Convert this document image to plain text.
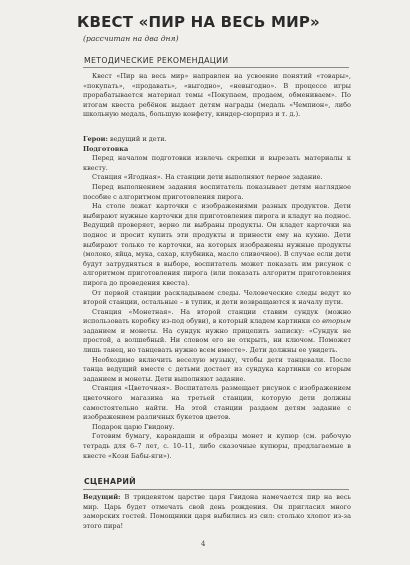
КВЕСТ «ПИР НА ВЕСЬ МИР»
(рассчитан на два дня)
МЕТОДИЧЕСКИЕ РЕКОМЕНДАЦИИ

Квест «Пир на весь мир» направлен на усвоение понятий «товары», «покупать», «продавать», «выгодно», «невыгодно». В процессе игры прорабатывается материал темы «Покупаем, продаем, обмениваем». По итогам квеста ребёнок выдает детям награды (медаль «Чемпион», либо школьную медаль, большую конфету, киндер-сюрприз и т. д.).

Герои: ведущий и дети.

Подготовка

Перед началом подготовки извлечь скрепки и вырезать материалы к квесту.

Станция «Ягодная». На станции дети выполняют первое задание.

Перед выполнением задания воспитатель показывает детям наглядное пособие с алгоритмом приготовления пирога.

На столе лежат карточки с изображениями разных продуктов. Дети выбирают нужные карточки для приготовления пирога и кладут на поднос. Ведущий проверяет, верно ли выбраны продукты. Он кладет карточки на поднос и просит купить эти продукты и принести ему на кухню. Дети выбирают только те карточки, на которых изображены нужные продукты (молоко, яйца, мука, сахар, клубника, масло сливочное). В случае если дети будут затрудняться в выборе, воспитатель может показать им рисунок с алгоритмом приготовления пирога (или показать алгоритм приготовления пирога до проведения квеста).

От первой станции раскладываем следы. Человеческие следы ведут ко второй станции, остальные – в тупик, и дети возвращаются к началу пути.

Станция «Монетная». На второй станции ставим сундук (можно использовать коробку из-под обуви), в который кладем картинки со вторым заданием и монеты. На сундук нужно прицепить записку: «Сундук не простой, а волшебный. Ни словом его не открыть, ни ключом. Поможет лишь танец, но танцевать нужно всем вместе». Дети должны ее увидеть.

Необходимо включить веселую музыку, чтобы дети танцевали. После танца ведущий вместе с детьми достает из сундука картинки со вторым заданием и монеты. Дети выполняют задание.

Станция «Цветочная». Воспитатель размещает рисунок с изображением цветочного магазина на третьей станции, которую дети должны самостоятельно найти. На этой станции раздаем детям задание с изображением различных букетов цветов.

Подарок царю Гвидону.

Готовим бумагу, карандаши и образцы монет и купюр (см. рабочую тетрадь для 6–7 лет, с. 10–11, либо сказочные купюры, предлагаемые в квесте «Кози Бабы-яги»).

СЦЕНАРИЙ

Ведущий: В тридевятом царстве царя Гвидона намечается пир на весь мир. Царь будет отмечать свой день рождения. Он пригласил много заморских гостей. Помощники царя выбились из сил: столько хлопот из-за этого пира!

4
